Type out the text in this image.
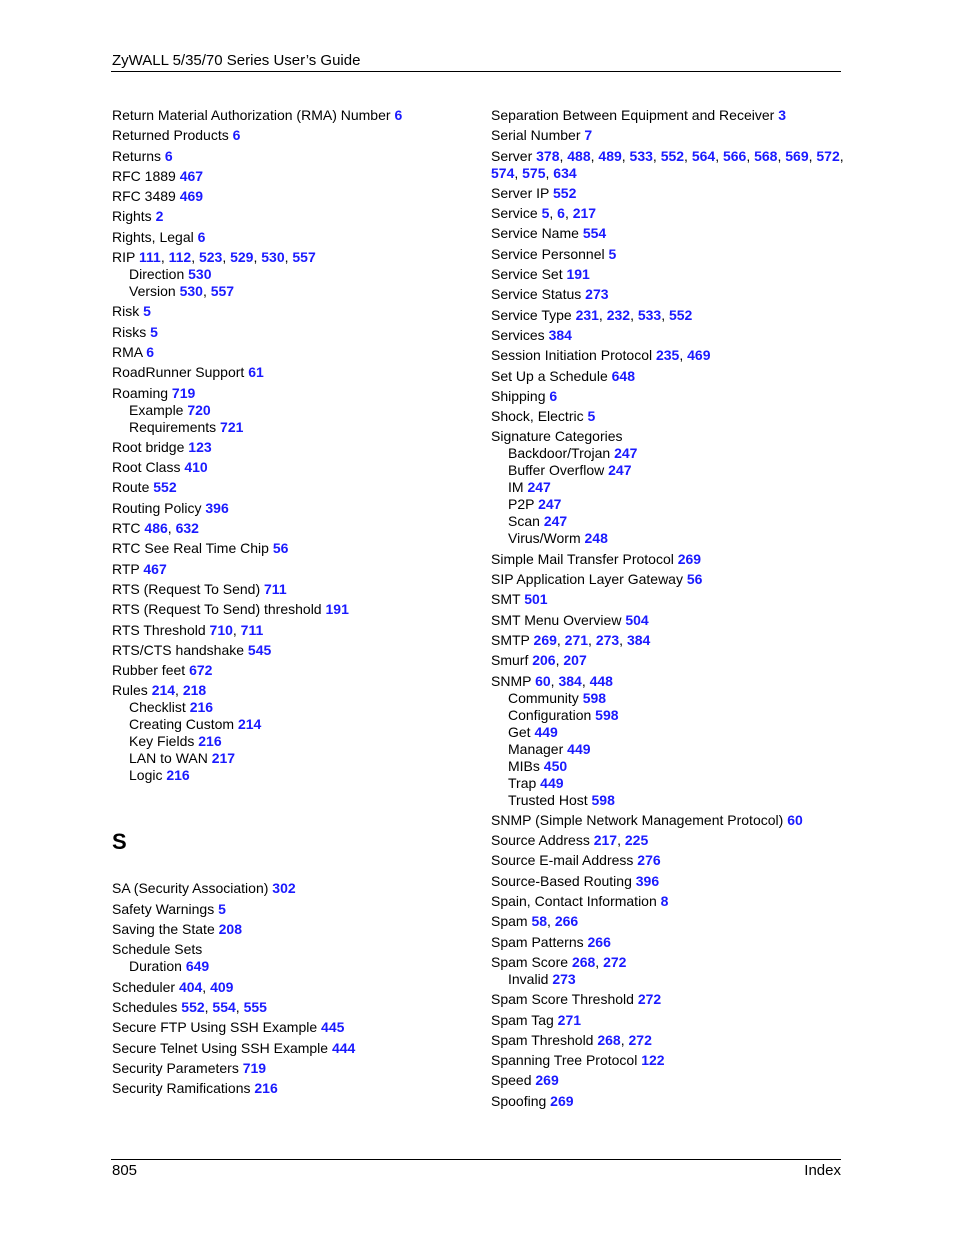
ZyWALL 5/35/70 Series User’s Guide
Return Material Authorization (RMA) Number 6
Returned Products 6
Returns 6
RFC 1889 467
RFC 3489 469
Rights 2
Rights, Legal 6
RIP 111, 112, 523, 529, 530, 557
Direction 530
Version 530, 557
Risk 5
Risks 5
RMA 6
RoadRunner Support 61
Roaming 719
Example 720
Requirements 721
Root bridge 123
Root Class 410
Route 552
Routing Policy 396
RTC 486, 632
RTC See Real Time Chip 56
RTP 467
RTS (Request To Send) 711
RTS (Request To Send) threshold 191
RTS Threshold 710, 711
RTS/CTS handshake 545
Rubber feet 672
Rules 214, 218
Checklist 216
Creating Custom 214
Key Fields 216
LAN to WAN 217
Logic 216
S
SA (Security Association) 302
Safety Warnings 5
Saving the State 208
Schedule Sets
Duration 649
Scheduler 404, 409
Schedules 552, 554, 555
Secure FTP Using SSH Example 445
Secure Telnet Using SSH Example 444
Security Parameters 719
Security Ramifications 216
Separation Between Equipment and Receiver 3
Serial Number 7
Server 378, 488, 489, 533, 552, 564, 566, 568, 569, 572, 574, 575, 634
Server IP 552
Service 5, 6, 217
Service Name 554
Service Personnel 5
Service Set 191
Service Status 273
Service Type 231, 232, 533, 552
Services 384
Session Initiation Protocol 235, 469
Set Up a Schedule 648
Shipping 6
Shock, Electric 5
Signature Categories
Backdoor/Trojan 247
Buffer Overflow 247
IM 247
P2P 247
Scan 247
Virus/Worm 248
Simple Mail Transfer Protocol 269
SIP Application Layer Gateway 56
SMT 501
SMT Menu Overview 504
SMTP 269, 271, 273, 384
Smurf 206, 207
SNMP 60, 384, 448
Community 598
Configuration 598
Get 449
Manager 449
MIBs 450
Trap 449
Trusted Host 598
SNMP (Simple Network Management Protocol) 60
Source Address 217, 225
Source E-mail Address 276
Source-Based Routing 396
Spain, Contact Information 8
Spam 58, 266
Spam Patterns 266
Spam Score 268, 272
Invalid 273
Spam Score Threshold 272
Spam Tag 271
Spam Threshold 268, 272
Spanning Tree Protocol 122
Speed 269
Spoofing 269
805	Index
